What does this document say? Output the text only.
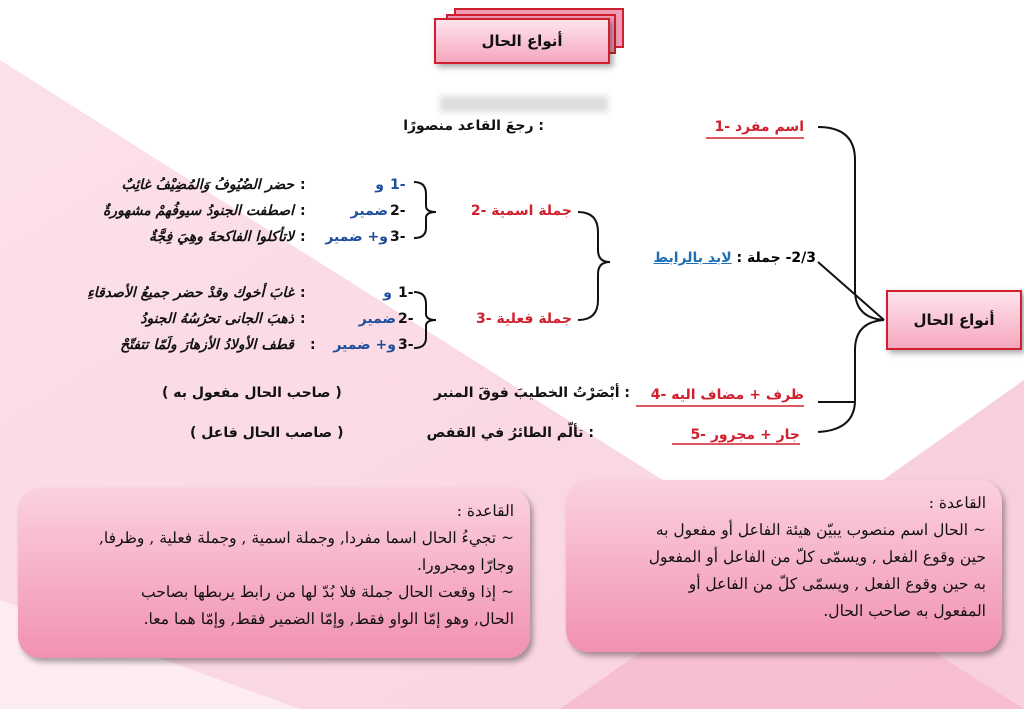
أنواع الحال
1- اسم مفرد
2/3- جملة : لابد بالرابط
2- جملة اسمية
3- جملة فعلية
4- ظرف + مضاف اليه
5- جار + مجرور
أنواع الحال
: رجعَ القاعد منصورًا
1-
و
:
حضر الضُيُوفُ وَالمُضِيْفُ غائِبٌ
2-
ضمير
:
اصطفت الجنودُ سيوفُهمْ مشهورةٌ
3-
و+ ضمير
:
لاتأكلوا الفاكحةَ وهِيَ فِجَّةٌ
1-
و
:
غابَ أخوك وقدْ حضر جميعُ الأصدقاءِ
2-
ضمير
:
ذهبَ الجانى تحرُسُهُ الجنودُ
3-
و+ ضمير
:
قطف الأولادُ الأزهارَ ولَمّا تتفتّحْ
: أبْصَرْتُ الخطيبَ فوقَ المنبر
( صاحب الحال مفعول به )
: تألّم الطائرُ في القفص
( صاصب الحال فاعل )
القاعدة :
~ تجيءُ الحال اسما مفردا, وجملة اسمية , وجملة فعلية , وظرفا,
وجارّا ومجرورا.
~ إذا وقعت الحال جملة فلا بُدّ لها من رابط يربطها بصاحب
الحال, وهو إمّا الواو فقط, وإمّا الضمير فقط, وإمّا هما معا.
القاعدة :
~ الحال اسم منصوب يبيّن هيئة الفاعل أو مفعول به
حين وقوع الفعل , ويسمّى كلّ من الفاعل أو المفعول
به حين وقوع الفعل , ويسمّى كلّ من الفاعل أو
المفعول به صاحب الحال.
